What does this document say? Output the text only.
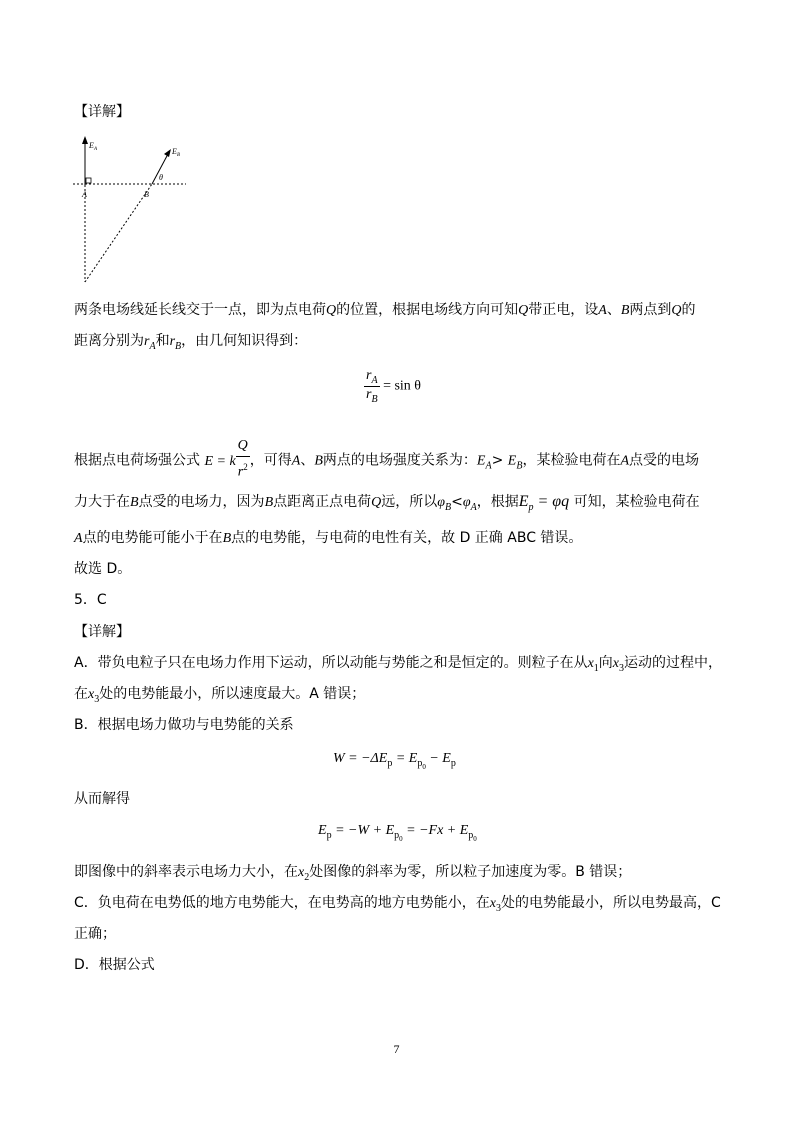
【详解】
E A	E B
A	B
θ
两条电场线延长线交于一点，即为点电荷Q的位置，根据电场线方向可知Q带正电，设A、B两点到Q的
距离分别为$r_A$和$r_B$，由几何知识得到：
$\frac{r_A}{r_B} = \sin \theta$
根据点电荷场强公式 E = k $\frac{Q}{r^2}$ ，可得A、B两点的电场强度关系为：$E_A> E_B$，某检验电荷在A点受的电场
力大于在B点受的电场力，因为B点距离正点电荷Q远，所以$\varphi_B<\varphi_A$，根据$E_p = \varphi q$ 可知，某检验电荷在
A点的电势能可能小于在B点的电势能，与电荷的电性有关，故 D 正确 ABC 错误。
故选 D。
5．C
【详解】
A．带负电粒子只在电场力作用下运动，所以动能与势能之和是恒定的。则粒子在从$x_1$向$x_3$运动的过程中，
在$x_3$处的电势能最小，所以速度最大。A 错误；
B．根据电场力做功与电势能的关系
$W = -\Delta E_p = E_{p_0} - E_p$
从而解得
$E_p = -W + E_{p_0} = -Fx + E_{p_0}$
即图像中的斜率表示电场力大小，在$x_2$处图像的斜率为零，所以粒子加速度为零。B 错误；
C．负电荷在电势低的地方电势能大，在电势高的地方电势能小，在$x_3$处的电势能最小，所以电势最高，C
正确；
D．根据公式
7
